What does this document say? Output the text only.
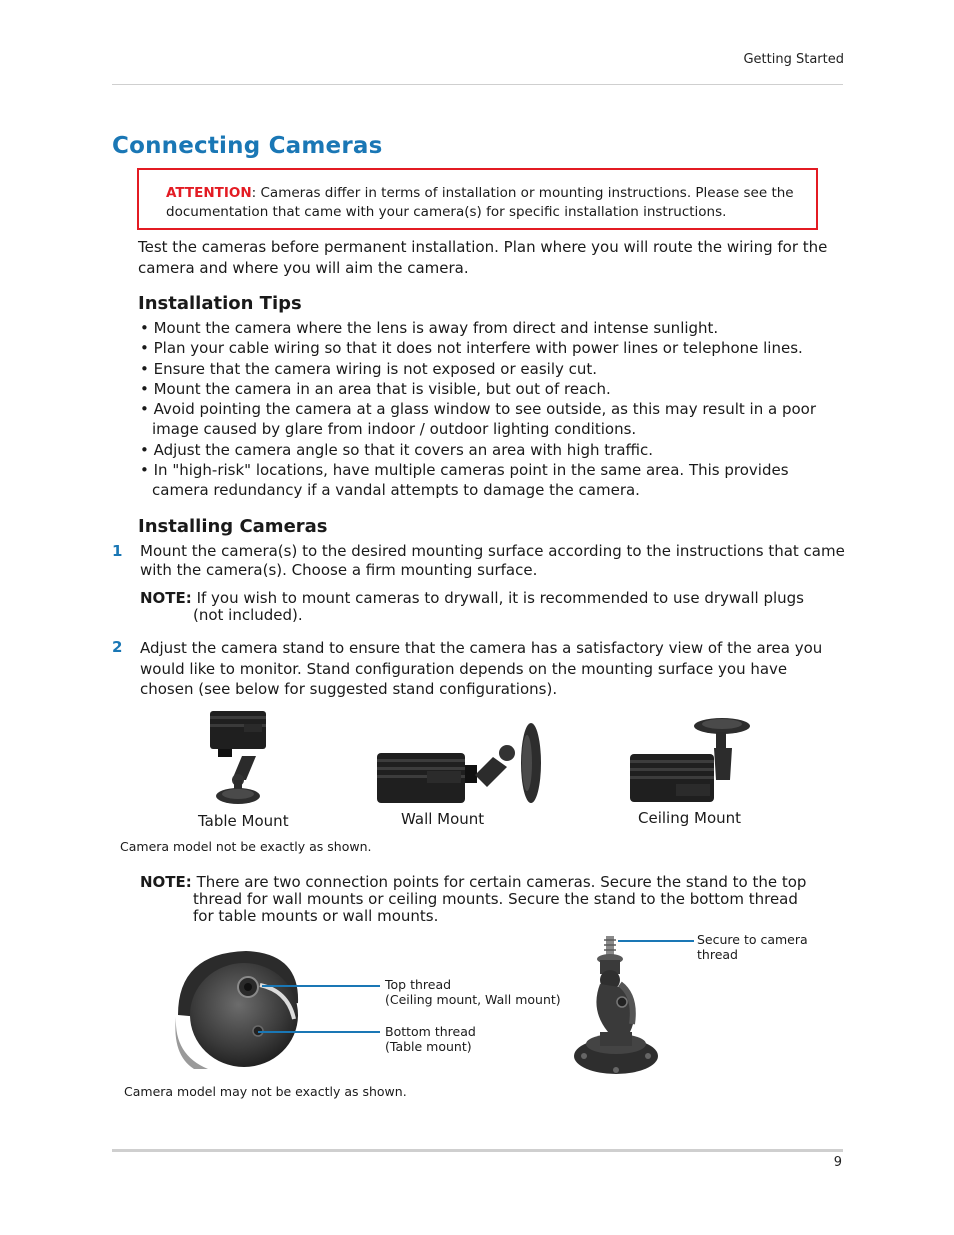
Getting Started
Connecting Cameras
ATTENTION: Cameras differ in terms of installation or mounting instructions. Please see the documentation that came with your camera(s) for specific installation instructions.
Test the cameras before permanent installation. Plan where you will route the wiring for the camera and where you will aim the camera.
Installation Tips
• Mount the camera where the lens is away from direct and intense sunlight.
• Plan your cable wiring so that it does not interfere with power lines or telephone lines.
• Ensure that the camera wiring is not exposed or easily cut.
• Mount the camera in an area that is visible, but out of reach.
• Avoid pointing the camera at a glass window to see outside, as this may result in a poor image caused by glare from indoor / outdoor lighting conditions.
• Adjust the camera angle so that it covers an area with high traffic.
• In "high-risk" locations, have multiple cameras point in the same area. This provides camera redundancy if a vandal attempts to damage the camera.
Installing Cameras
1 Mount the camera(s) to the desired mounting surface according to the instructions that came with the camera(s). Choose a firm mounting surface.
NOTE: If you wish to mount cameras to drywall, it is recommended to use drywall plugs
(not included).
2 Adjust the camera stand to ensure that the camera has a satisfactory view of the area you would like to monitor. Stand configuration depends on the mounting surface you have chosen (see below for suggested stand configurations).
Table Mount	Wall Mount	Ceiling Mount
Camera model not be exactly as shown.
NOTE: There are two connection points for certain cameras. Secure the stand to the top
thread for wall mounts or ceiling mounts. Secure the stand to the bottom thread
for table mounts or wall mounts.
Top thread
(Ceiling mount, Wall mount)
Bottom thread
(Table mount)
Secure to camera
thread
Camera model may not be exactly as shown.
9
